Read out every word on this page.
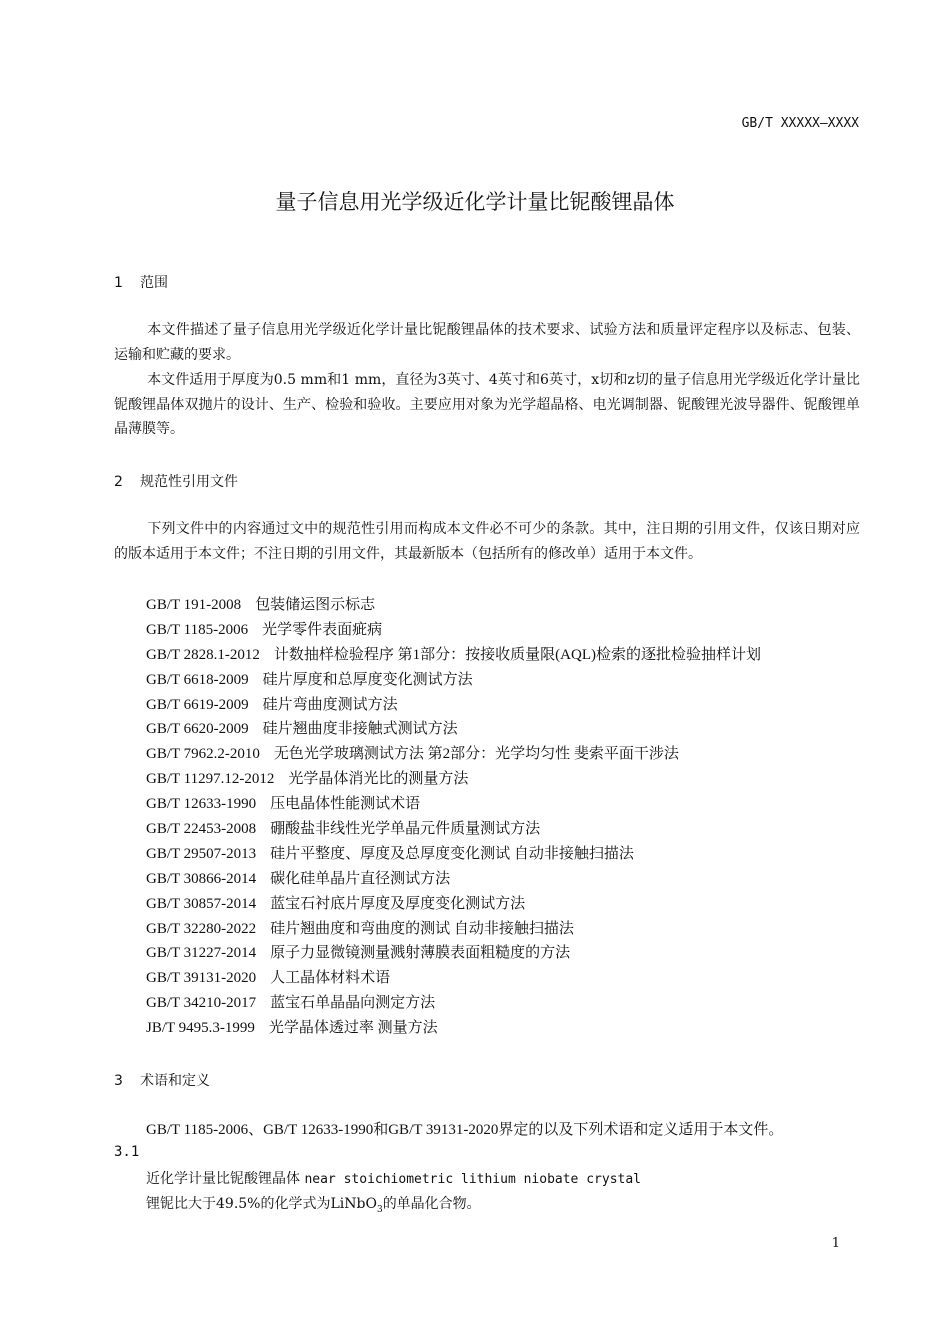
GB/T XXXXX—XXXX
量子信息用光学级近化学计量比铌酸锂晶体
1 范围

本文件描述了量子信息用光学级近化学计量比铌酸锂晶体的技术要求、试验方法和质量评定程序以及标志、包装、运输和贮藏的要求。

本文件适用于厚度为0.5 mm和1 mm，直径为3英寸、4英寸和6英寸，x切和z切的量子信息用光学级近化学计量比铌酸锂晶体双抛片的设计、生产、检验和验收。主要应用对象为光学超晶格、电光调制器、铌酸锂光波导器件、铌酸锂单晶薄膜等。

2 规范性引用文件

下列文件中的内容通过文中的规范性引用而构成本文件必不可少的条款。其中，注日期的引用文件，仅该日期对应的版本适用于本文件；不注日期的引用文件，其最新版本（包括所有的修改单）适用于本文件。

GB/T 191-2008 包装储运图示标志
GB/T 1185-2006 光学零件表面疵病
GB/T 2828.1-2012 计数抽样检验程序 第1部分：按接收质量限(AQL)检索的逐批检验抽样计划
GB/T 6618-2009 硅片厚度和总厚度变化测试方法
GB/T 6619-2009 硅片弯曲度测试方法
GB/T 6620-2009 硅片翘曲度非接触式测试方法
GB/T 7962.2-2010 无色光学玻璃测试方法 第2部分：光学均匀性 斐索平面干涉法
GB/T 11297.12-2012 光学晶体消光比的测量方法
GB/T 12633-1990 压电晶体性能测试术语
GB/T 22453-2008 硼酸盐非线性光学单晶元件质量测试方法
GB/T 29507-2013 硅片平整度、厚度及总厚度变化测试 自动非接触扫描法
GB/T 30866-2014 碳化硅单晶片直径测试方法
GB/T 30857-2014 蓝宝石衬底片厚度及厚度变化测试方法
GB/T 32280-2022 硅片翘曲度和弯曲度的测试 自动非接触扫描法
GB/T 31227-2014 原子力显微镜测量溅射薄膜表面粗糙度的方法
GB/T 39131-2020 人工晶体材料术语
GB/T 34210-2017 蓝宝石单晶晶向测定方法
JB/T 9495.3-1999 光学晶体透过率 测量方法
3 术语和定义
GB/T 1185-2006、GB/T 12633-1990和GB/T 39131-2020界定的以及下列术语和定义适用于本文件。
3.1
近化学计量比铌酸锂晶体 near stoichiometric lithium niobate crystal
锂铌比大于49.5%的化学式为LiNbO$_3$的单晶化合物。
1
